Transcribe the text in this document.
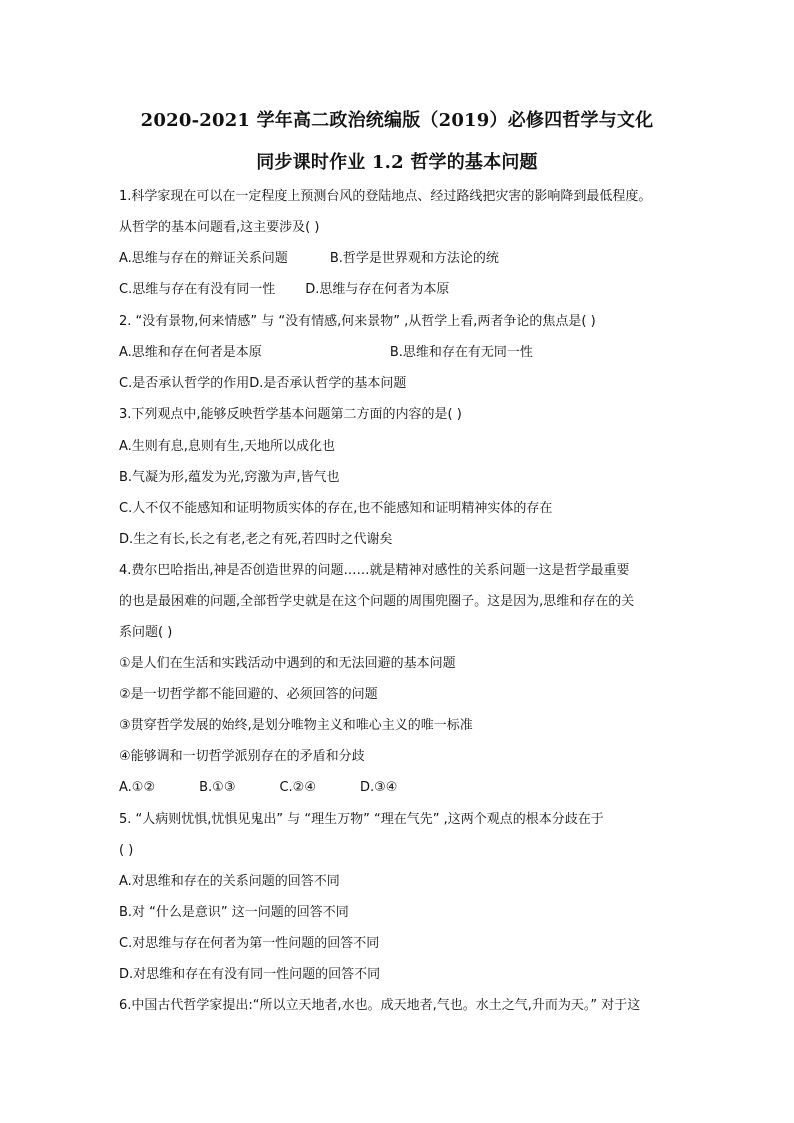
2020-2021 学年高二政治统编版（2019）必修四哲学与文化
同步课时作业 1.2 哲学的基本问题
1.科学家现在可以在一定程度上预测台风的登陆地点、经过路线把灾害的影响降到最低程度。
从哲学的基本问题看,这主要涉及( )
A.思维与存在的辩证关系问题	B.哲学是世界观和方法论的统
C.思维与存在有没有同一性 D.思维与存在何者为本原
2. “没有景物,何来情感” 与 “没有情感,何来景物” ,从哲学上看,两者争论的焦点是( )
A.思维和存在何者是本原	B.思维和存在有无同一性
C.是否承认哲学的作用D.是否承认哲学的基本问题
3.下列观点中,能够反映哲学基本问题第二方面的内容的是( )
A.生则有息,息则有生,天地所以成化也
B.气凝为形,蕴发为光,窍激为声,皆气也
C.人不仅不能感知和证明物质实体的存在,也不能感知和证明精神实体的存在
D.生之有长,长之有老,老之有死,若四时之代谢矣
4.费尔巴哈指出,神是否创造世界的问题……就是精神对感性的关系问题一这是哲学最重要
的也是最困难的问题,全部哲学史就是在这个问题的周围兜圈子。这是因为,思维和存在的关
系问题( )
①是人们在生活和实践活动中遇到的和无法回避的基本问题
②是一切哲学都不能回避的、必须回答的问题
③贯穿哲学发展的始终,是划分唯物主义和唯心主义的唯一标准
④能够调和一切哲学派别存在的矛盾和分歧
A.①②	B.①③	C.②④	D.③④
5. “人病则忧惧,忧惧见鬼出” 与 “理生万物” “理在气先” ,这两个观点的根本分歧在于
( )
A.对思维和存在的关系问题的回答不同
B.对 “什么是意识” 这一问题的回答不同
C.对思维与存在何者为第一性问题的回答不同
D.对思维和存在有没有同一性问题的回答不同
6.中国古代哲学家提出:“所以立天地者,水也。成天地者,气也。水土之气,升而为天。” 对于这
